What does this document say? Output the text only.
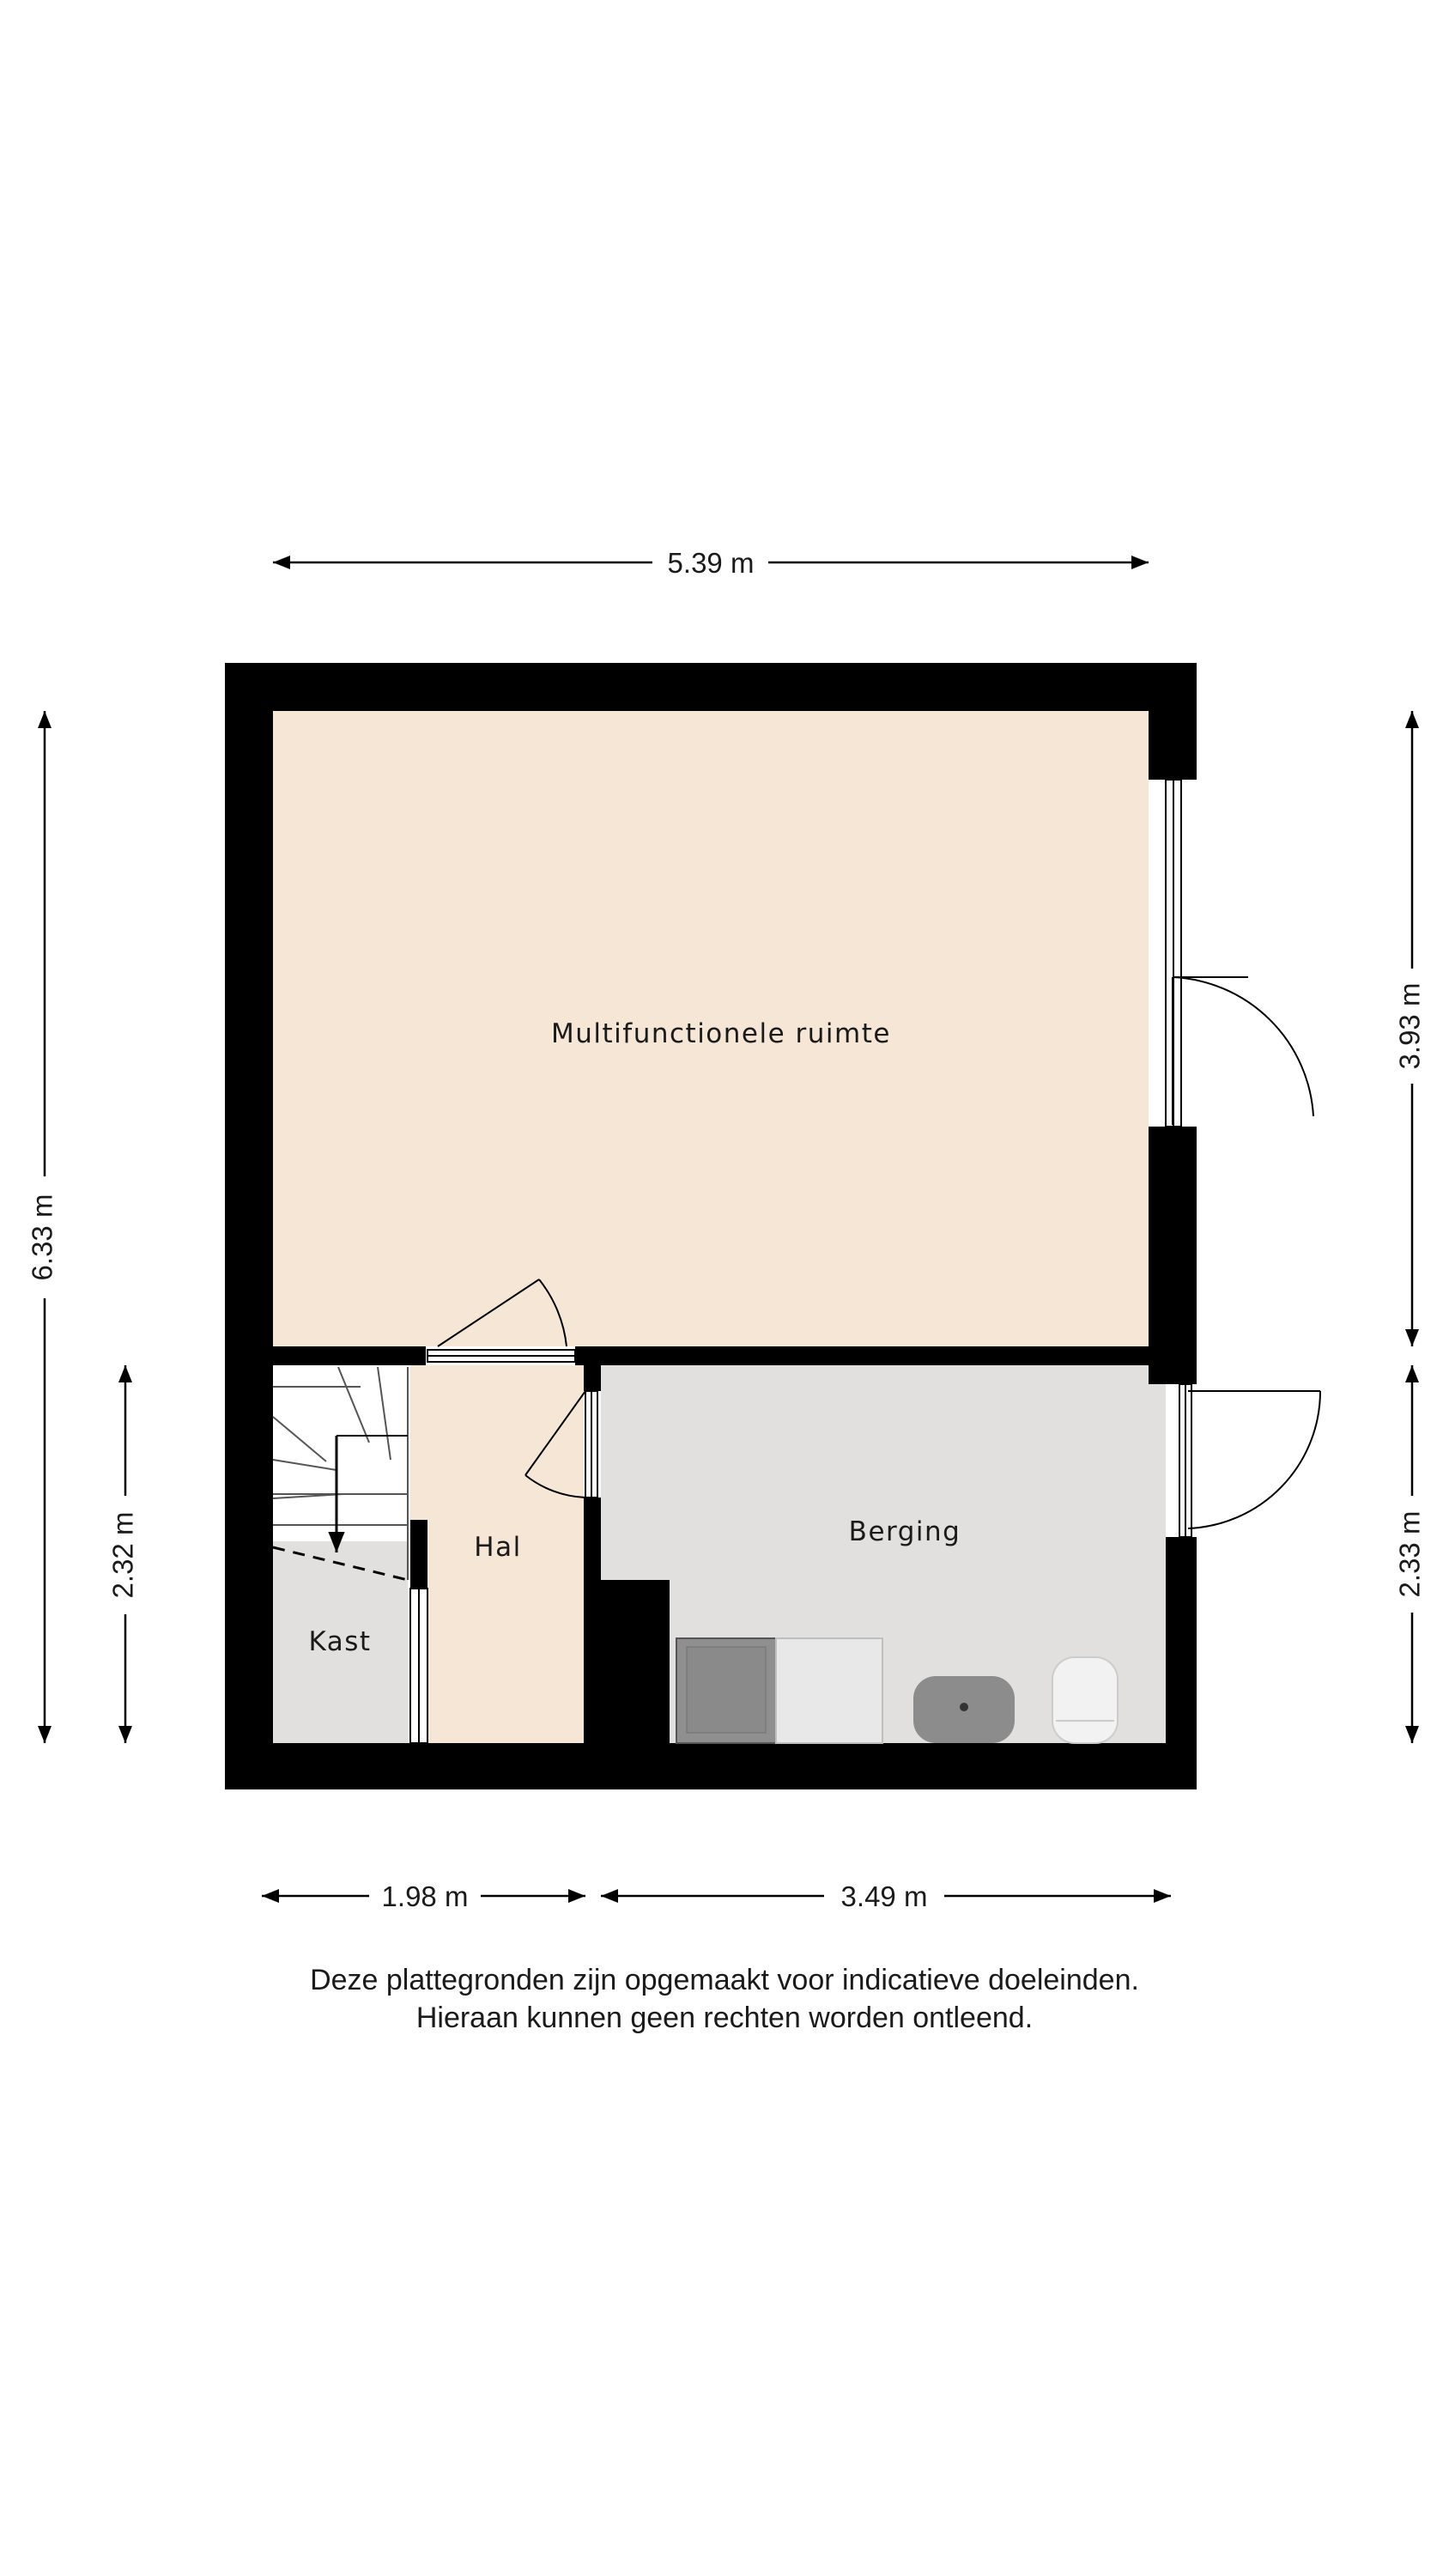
Multifunctionele ruimte
Berging
Hal
Kast
5.39 m
6.33 m
2.32 m
3.93 m
2.33 m
1.98 m	3.49 m
Deze plattegronden zijn opgemaakt voor indicatieve doeleinden.
Hieraan kunnen geen rechten worden ontleend.
